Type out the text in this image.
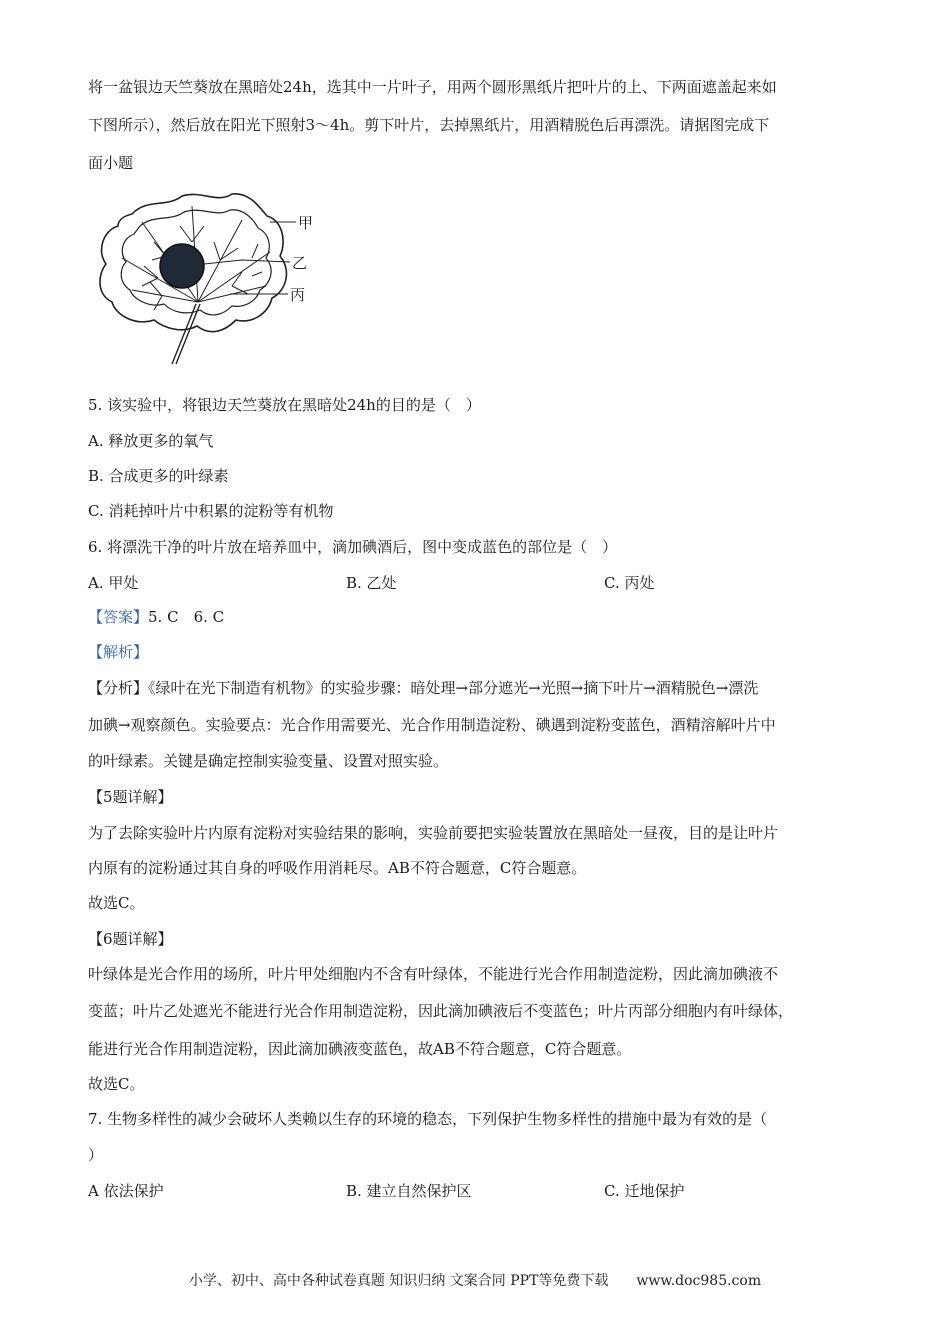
将一盆银边天竺葵放在黑暗处24h，选其中一片叶子，用两个圆形黑纸片把叶片的上、下两面遮盖起来如
下图所示），然后放在阳光下照射3～4h。剪下叶片，去掉黑纸片，用酒精脱色后再漂洗。请据图完成下
面小题
甲
乙
丙
5. 该实验中，将银边天竺葵放在黑暗处24h的目的是（　）
A. 释放更多的氧气
B. 合成更多的叶绿素
C. 消耗掉叶片中积累的淀粉等有机物
6. 将漂洗干净的叶片放在培养皿中，滴加碘酒后，图中变成蓝色的部位是（　）
A. 甲处	B. 乙处	C. 丙处
【答案】5. C　6. C
【解析】
【分析】《绿叶在光下制造有机物》的实验步骤：暗处理→部分遮光→光照→摘下叶片→酒精脱色→漂洗
加碘→观察颜色。实验要点：光合作用需要光、光合作用制造淀粉、碘遇到淀粉变蓝色，酒精溶解叶片中
的叶绿素。关键是确定控制实验变量、设置对照实验。
【5题详解】
为了去除实验叶片内原有淀粉对实验结果的影响，实验前要把实验装置放在黑暗处一昼夜，目的是让叶片
内原有的淀粉通过其自身的呼吸作用消耗尽。AB不符合题意，C符合题意。
故选C。
【6题详解】
叶绿体是光合作用的场所，叶片甲处细胞内不含有叶绿体，不能进行光合作用制造淀粉，因此滴加碘液不
变蓝；叶片乙处遮光不能进行光合作用制造淀粉，因此滴加碘液后不变蓝色；叶片丙部分细胞内有叶绿体，
能进行光合作用制造淀粉，因此滴加碘液变蓝色，故AB不符合题意，C符合题意。
故选C。
7. 生物多样性的减少会破坏人类赖以生存的环境的稳态，下列保护生物多样性的措施中最为有效的是（
）
A 依法保护	B. 建立自然保护区	C. 迁地保护
小学、初中、高中各种试卷真题 知识归纳 文案合同 PPT等免费下载　　www.doc985.com
